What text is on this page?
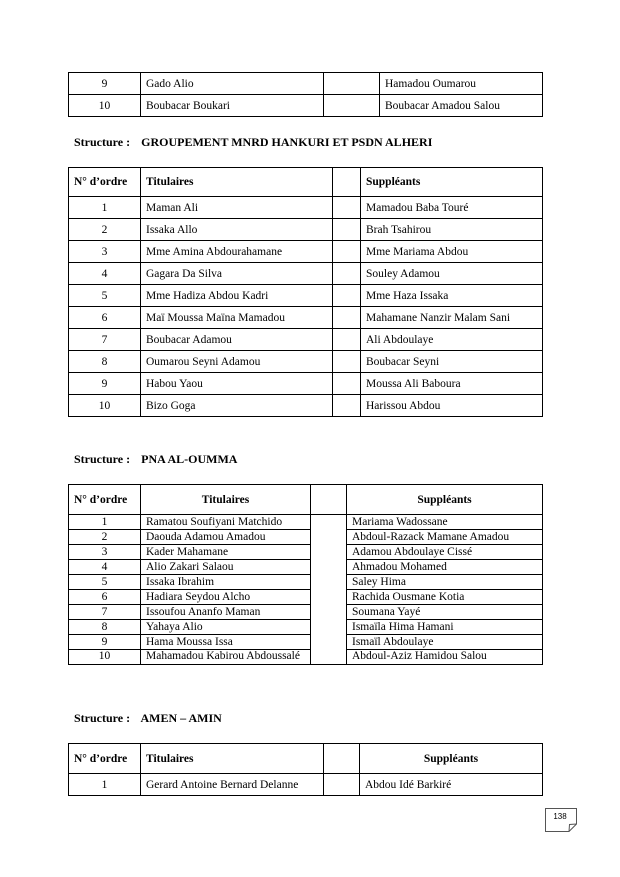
9	Gado Alio		Hamadou Oumarou
10	Boubacar Boukari		Boubacar Amadou Salou
Structure : GROUPEMENT MNRD HANKURI ET PSDN ALHERI
N° d’ordre	Titulaires		Suppléants
1	Maman Ali		Mamadou Baba Touré
2	Issaka Allo		Brah Tsahirou
3	Mme Amina Abdourahamane		Mme Mariama Abdou
4	Gagara Da Silva		Souley Adamou
5	Mme Hadiza Abdou Kadri		Mme Haza Issaka
6	Maï Moussa Maïna Mamadou		Mahamane Nanzir Malam Sani
7	Boubacar Adamou		Ali Abdoulaye
8	Oumarou Seyni Adamou		Boubacar Seyni
9	Habou Yaou		Moussa Ali Baboura
10	Bizo Goga		Harissou Abdou
Structure : PNA AL-OUMMA
N° d’ordre	Titulaires		Suppléants
1	Ramatou Soufiyani Matchido		Mariama Wadossane
2	Daouda Adamou Amadou		Abdoul-Razack Mamane Amadou
3	Kader Mahamane		Adamou Abdoulaye Cissé
4	Alio Zakari Salaou		Ahmadou Mohamed
5	Issaka Ibrahim		Saley Hima
6	Hadiara Seydou Alcho		Rachida Ousmane Kotia
7	Issoufou Ananfo Maman		Soumana Yayé
8	Yahaya Alio		Ismaïla Hima Hamani
9	Hama Moussa Issa		Ismaïl Abdoulaye
10	Mahamadou Kabirou Abdoussalé		Abdoul-Aziz Hamidou Salou
Structure : AMEN – AMIN
N° d’ordre	Titulaires		Suppléants
1	Gerard Antoine Bernard Delanne		Abdou Idé Barkiré
138
